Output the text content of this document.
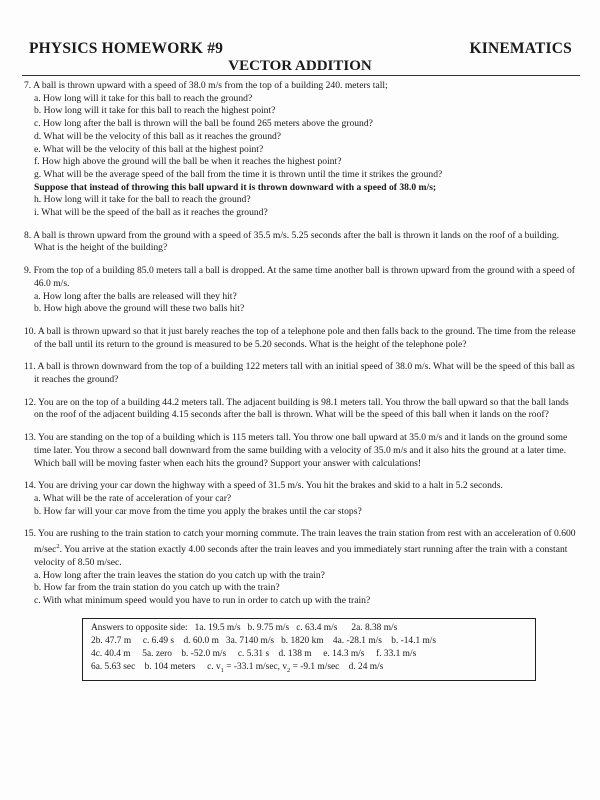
PHYSICS HOMEWORK #9	KINEMATICS
VECTOR ADDITION
7. A ball is thrown upward with a speed of 38.0 m/s from the top of a building 240. meters tall;
a. How long will it take for this ball to reach the ground?
b. How long will it take for this ball to reach the highest point?
c. How long after the ball is thrown will the ball be found 265 meters above the ground?
d. What will be the velocity of this ball as it reaches the ground?
e. What will be the velocity of this ball at the highest point?
f. How high above the ground will the ball be when it reaches the highest point?
g. What will be the average speed of the ball from the time it is thrown until the time it strikes the ground?
Suppose that instead of throwing this ball upward it is thrown downward with a speed of 38.0 m/s;
h. How long will it take for the ball to reach the ground?
i. What will be the speed of the ball as it reaches the ground?
8. A ball is thrown upward from the ground with a speed of 35.5 m/s. 5.25 seconds after the ball is thrown it lands on the roof of a building. What is the height of the building?
9. From the top of a building 85.0 meters tall a ball is dropped. At the same time another ball is thrown upward from the ground with a speed of 46.0 m/s.
a. How long after the balls are released will they hit?
b. How high above the ground will these two balls hit?
10. A ball is thrown upward so that it just barely reaches the top of a telephone pole and then falls back to the ground. The time from the release of the ball until its return to the ground is measured to be 5.20 seconds. What is the height of the telephone pole?
11. A ball is thrown downward from the top of a building 122 meters tall with an initial speed of 38.0 m/s. What will be the speed of this ball as it reaches the ground?
12. You are on the top of a building 44.2 meters tall. The adjacent building is 98.1 meters tall. You throw the ball upward so that the ball lands on the roof of the adjacent building 4.15 seconds after the ball is thrown. What will be the speed of this ball when it lands on the roof?
13. You are standing on the top of a building which is 115 meters tall. You throw one ball upward at 35.0 m/s and it lands on the ground some time later. You throw a second ball downward from the same building with a velocity of 35.0 m/s and it also hits the ground at a later time. Which ball will be moving faster when each hits the ground? Support your answer with calculations!
14. You are driving your car down the highway with a speed of 31.5 m/s. You hit the brakes and skid to a halt in 5.2 seconds.
a. What will be the rate of acceleration of your car?
b. How far will your car move from the time you apply the brakes until the car stops?
15. You are rushing to the train station to catch your morning commute. The train leaves the train station from rest with an acceleration of 0.600 $m/\sec^2$. You arrive at the station exactly 4.00 seconds after the train leaves and you immediately start running after the train with a constant velocity of 8.50 m/sec.
a. How long after the train leaves the station do you catch up with the train?
b. How far from the train station do you catch up with the train?
c. With what minimum speed would you have to run in order to catch up with the train?
Answers to opposite side:   1a. 19.5 m/s   b. 9.75 m/s   c. 63.4 m/s      2a. 8.38 m/s
2b. 47.7 m     c. 6.49 s    d. 60.0 m   3a. 7140 m/s   b. 1820 km    4a. -28.1 m/s    b. -14.1 m/s
4c. 40.4 m     5a. zero    b. -52.0 m/s     c. 5.31 s    d. 138 m     e. 14.3 m/s     f. 33.1 m/s
6a. 5.63 sec    b. 104 meters     c. $v_1 = -33.1$ m/sec, $v_2 = -9.1$ m/sec    d. 24 m/s
